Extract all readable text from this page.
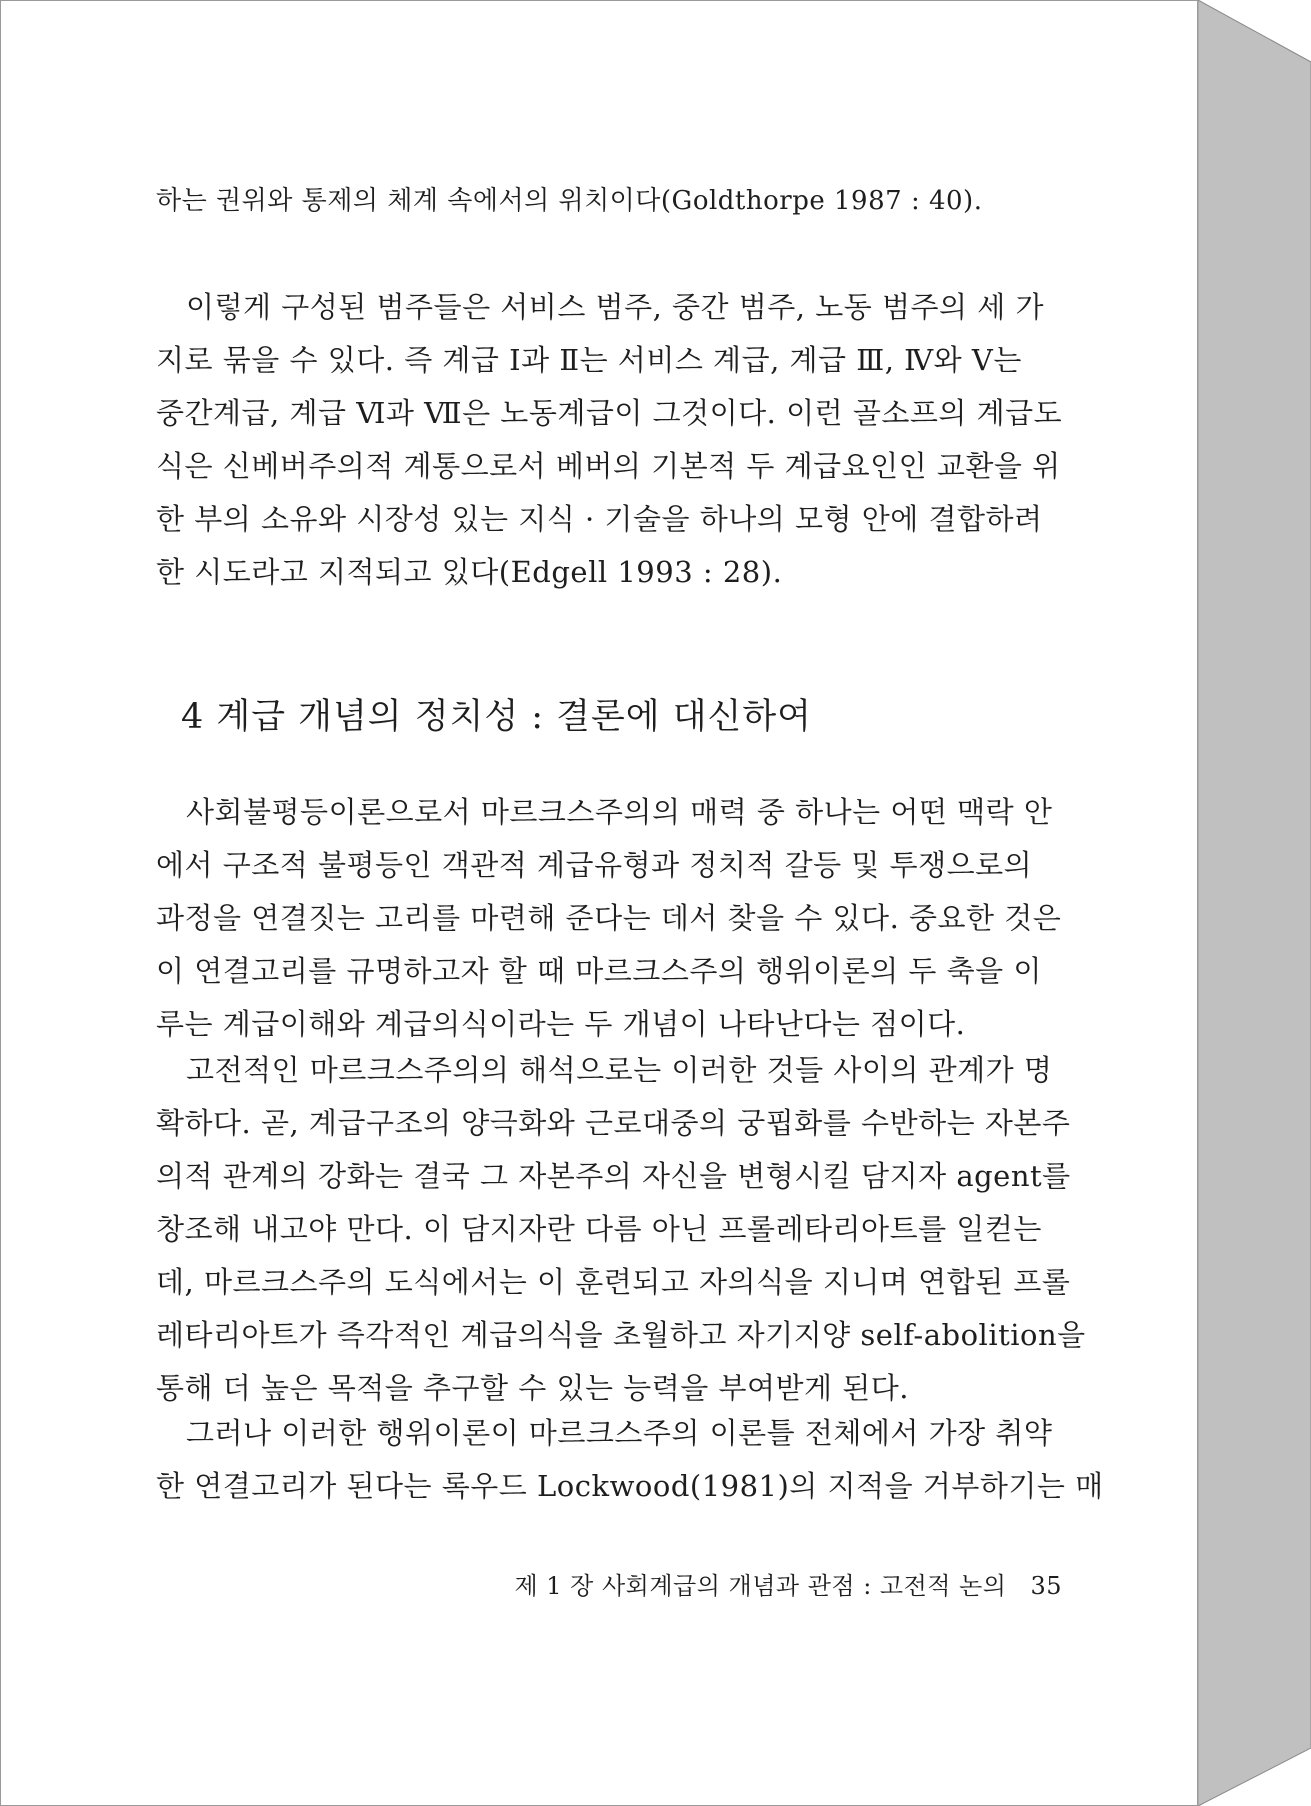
하는 권위와 통제의 체계 속에서의 위치이다(Goldthorpe 1987 : 40).

이렇게 구성된 범주들은 서비스 범주, 중간 범주, 노동 범주의 세 가
지로 묶을 수 있다. 즉 계급 Ⅰ과 Ⅱ는 서비스 계급, 계급 Ⅲ, Ⅳ와 Ⅴ는
중간계급, 계급 Ⅵ과 Ⅶ은 노동계급이 그것이다. 이런 골소프의 계급도
식은 신베버주의적 계통으로서 베버의 기본적 두 계급요인인 교환을 위
한 부의 소유와 시장성 있는 지식 · 기술을 하나의 모형 안에 결합하려
한 시도라고 지적되고 있다(Edgell 1993 : 28).

4 계급 개념의 정치성 : 결론에 대신하여

사회불평등이론으로서 마르크스주의의 매력 중 하나는 어떤 맥락 안
에서 구조적 불평등인 객관적 계급유형과 정치적 갈등 및 투쟁으로의
과정을 연결짓는 고리를 마련해 준다는 데서 찾을 수 있다. 중요한 것은
이 연결고리를 규명하고자 할 때 마르크스주의 행위이론의 두 축을 이
루는 계급이해와 계급의식이라는 두 개념이 나타난다는 점이다.

고전적인 마르크스주의의 해석으로는 이러한 것들 사이의 관계가 명
확하다. 곧, 계급구조의 양극화와 근로대중의 궁핍화를 수반하는 자본주
의적 관계의 강화는 결국 그 자본주의 자신을 변형시킬 담지자 agent를
창조해 내고야 만다. 이 담지자란 다름 아닌 프롤레타리아트를 일컫는
데, 마르크스주의 도식에서는 이 훈련되고 자의식을 지니며 연합된 프롤
레타리아트가 즉각적인 계급의식을 초월하고 자기지양 self-abolition을
통해 더 높은 목적을 추구할 수 있는 능력을 부여받게 된다.

그러나 이러한 행위이론이 마르크스주의 이론틀 전체에서 가장 취약
한 연결고리가 된다는 록우드 Lockwood(1981)의 지적을 거부하기는 매

제 1 장 사회계급의 개념과 관점 : 고전적 논의 35
